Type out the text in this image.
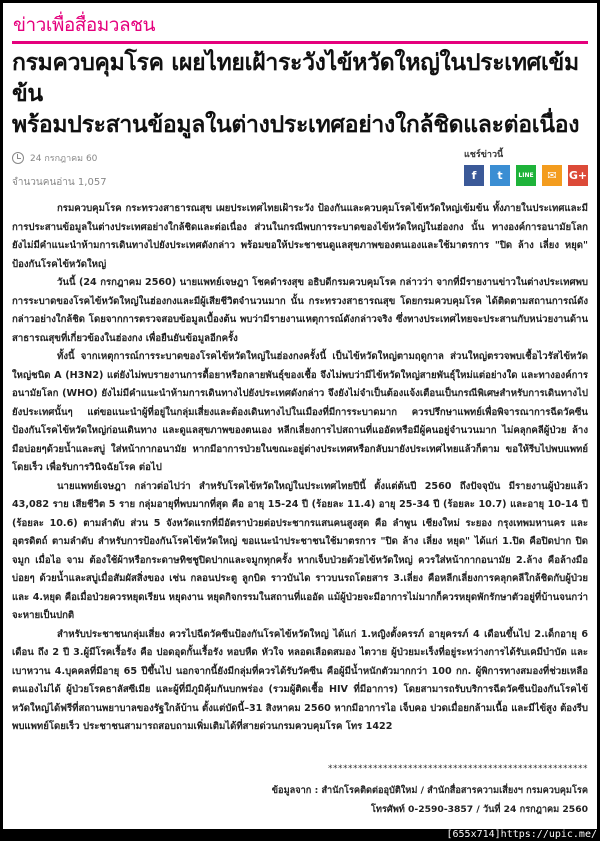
ข่าวเพื่อสื่อมวลชน
กรมควบคุมโรค เผยไทยเฝ้าระวังไข้หวัดใหญ่ในประเทศเข้มข้น
พร้อมประสานข้อมูลในต่างประเทศอย่างใกล้ชิดและต่อเนื่อง
24 กรกฎาคม 60
จำนวนคนอ่าน 1,057
แชร์ข่าวนี้
f	t	LINE	✉	G+

กรมควบคุมโรค กระทรวงสาธารณสุข เผยประเทศไทยเฝ้าระวัง ป้องกันและควบคุมโรคไข้หวัดใหญ่เข้มข้น ทั้งภายในประเทศและมีการประสานข้อมูลในต่างประเทศอย่างใกล้ชิดและต่อเนื่อง ส่วนในกรณีพบการระบาดของไข้หวัดใหญ่ในฮ่องกง นั้น ทางองค์การอนามัยโลก ยังไม่มีคำแนะนำห้ามการเดินทางไปยังประเทศดังกล่าว พร้อมขอให้ประชาชนดูแลสุขภาพของตนเองและใช้มาตรการ "ปิด ล้าง เลี่ยง หยุด" ป้องกันโรคไข้หวัดใหญ่

วันนี้ (24 กรกฎาคม 2560) นายแพทย์เจษฎา โชคดำรงสุข อธิบดีกรมควบคุมโรค กล่าวว่า จากที่มีรายงานข่าวในต่างประเทศพบการระบาดของโรคไข้หวัดใหญ่ในฮ่องกงและมีผู้เสียชีวิตจำนวนมาก นั้น กระทรวงสาธารณสุข โดยกรมควบคุมโรค ได้ติดตามสถานการณ์ดังกล่าวอย่างใกล้ชิด โดยจากการตรวจสอบข้อมูลเบื้องต้น พบว่ามีรายงานเหตุการณ์ดังกล่าวจริง ซึ่งทางประเทศไทยจะประสานกับหน่วยงานด้านสาธารณสุขที่เกี่ยวข้องในฮ่องกง เพื่อยืนยันข้อมูลอีกครั้ง

ทั้งนี้ จากเหตุการณ์การระบาดของโรคไข้หวัดใหญ่ในฮ่องกงครั้งนี้ เป็นไข้หวัดใหญ่ตามฤดูกาล ส่วนใหญ่ตรวจพบเชื้อไวรัสไข้หวัดใหญ่ชนิด A (H3N2) แต่ยังไม่พบรายงานการดื้อยาหรือกลายพันธุ์ของเชื้อ จึงไม่พบว่ามีไข้หวัดใหญ่สายพันธุ์ใหม่แต่อย่างใด และทางองค์การอนามัยโลก (WHO) ยังไม่มีคำแนะนำห้ามการเดินทางไปยังประเทศดังกล่าว จึงยังไม่จำเป็นต้องแจ้งเตือนเป็นกรณีพิเศษสำหรับการเดินทางไปยังประเทศนั้นๆ แต่ขอแนะนำผู้ที่อยู่ในกลุ่มเสี่ยงและต้องเดินทางไปในเมืองที่มีการระบาดมาก ควรปรึกษาแพทย์เพื่อพิจารณาการฉีดวัคซีนป้องกันโรคไข้หวัดใหญ่ก่อนเดินทาง และดูแลสุขภาพของตนเอง หลีกเลี่ยงการไปสถานที่แออัดหรือมีผู้คนอยู่จำนวนมาก ไม่คลุกคลีผู้ป่วย ล้างมือบ่อยๆด้วยน้ำและสบู่ ใส่หน้ากากอนามัย หากมีอาการป่วยในขณะอยู่ต่างประเทศหรือกลับมายังประเทศไทยแล้วก็ตาม ขอให้รีบไปพบแพทย์โดยเร็ว เพื่อรับการวินิจฉัยโรค ต่อไป

นายแพทย์เจษฎา กล่าวต่อไปว่า สำหรับโรคไข้หวัดใหญ่ในประเทศไทยปีนี้ ตั้งแต่ต้นปี 2560 ถึงปัจจุบัน มีรายงานผู้ป่วยแล้ว 43,082 ราย เสียชีวิต 5 ราย กลุ่มอายุที่พบมากที่สุด คือ อายุ 15-24 ปี (ร้อยละ 11.4) อายุ 25-34 ปี (ร้อยละ 10.7) และอายุ 10-14 ปี (ร้อยละ 10.6) ตามลำดับ ส่วน 5 จังหวัดแรกที่มีอัตราป่วยต่อประชากรแสนคนสูงสุด คือ ลำพูน เชียงใหม่ ระยอง กรุงเทพมหานคร และอุตรดิตถ์ ตามลำดับ สำหรับการป้องกันโรคไข้หวัดใหญ่ ขอแนะนำประชาชนใช้มาตรการ "ปิด ล้าง เลี่ยง หยุด" ได้แก่ 1.ปิด คือปิดปาก ปิดจมูก เมื่อไอ จาม ต้องใช้ผ้าหรือกระดาษทิชชูปิดปากและจมูกทุกครั้ง หากเจ็บป่วยด้วยไข้หวัดใหญ่ ควรใส่หน้ากากอนามัย 2.ล้าง คือล้างมือบ่อยๆ ด้วยน้ำและสบู่เมื่อสัมผัสสิ่งของ เช่น กลอนประตู ลูกบิด ราวบันได ราวบนรถโดยสาร 3.เลี่ยง คือหลีกเลี่ยงการคลุกคลีใกล้ชิดกับผู้ป่วย และ 4.หยุด คือเมื่อป่วยควรหยุดเรียน หยุดงาน หยุดกิจกรรมในสถานที่แออัด แม้ผู้ป่วยจะมีอาการไม่มากก็ควรหยุดพักรักษาตัวอยู่ที่บ้านจนกว่าจะหายเป็นปกติ

สำหรับประชาชนกลุ่มเสี่ยง ควรไปฉีดวัคซีนป้องกันโรคไข้หวัดใหญ่ ได้แก่ 1.หญิงตั้งครรภ์ อายุครรภ์ 4 เดือนขึ้นไป 2.เด็กอายุ 6 เดือน ถึง 2 ปี 3.ผู้มีโรคเรื้อรัง คือ ปอดอุดกั้นเรื้อรัง หอบหืด หัวใจ หลอดเลือดสมอง ไตวาย ผู้ป่วยมะเร็งที่อยู่ระหว่างการได้รับเคมีบำบัด และเบาหวาน 4.บุคคลที่มีอายุ 65 ปีขึ้นไป นอกจากนี้ยังมีกลุ่มที่ควรได้รับวัคซีน คือผู้มีน้ำหนักตัวมากกว่า 100 กก. ผู้พิการทางสมองที่ช่วยเหลือตนเองไม่ได้ ผู้ป่วยโรคธาลัสซีเมีย และผู้ที่มีภูมิคุ้มกันบกพร่อง (รวมผู้ติดเชื้อ HIV ที่มีอาการ) โดยสามารถรับบริการฉีดวัคซีนป้องกันโรคไข้หวัดใหญ่ได้ฟรีที่สถานพยาบาลของรัฐใกล้บ้าน ตั้งแต่บัดนี้–31 สิงหาคม 2560 หากมีอาการไอ เจ็บคอ ปวดเมื่อยกล้ามเนื้อ และมีไข้สูง ต้องรีบพบแพทย์โดยเร็ว ประชาชนสามารถสอบถามเพิ่มเติมได้ที่สายด่วนกรมควบคุมโรค โทร 1422

****************************************************
ข้อมูลจาก : สำนักโรคติดต่ออุบัติใหม่ / สำนักสื่อสารความเสี่ยงฯ กรมควบคุมโรค
โทรศัพท์ 0-2590-3857 / วันที่ 24 กรกฎาคม 2560
[655x714]https://upic.me/
